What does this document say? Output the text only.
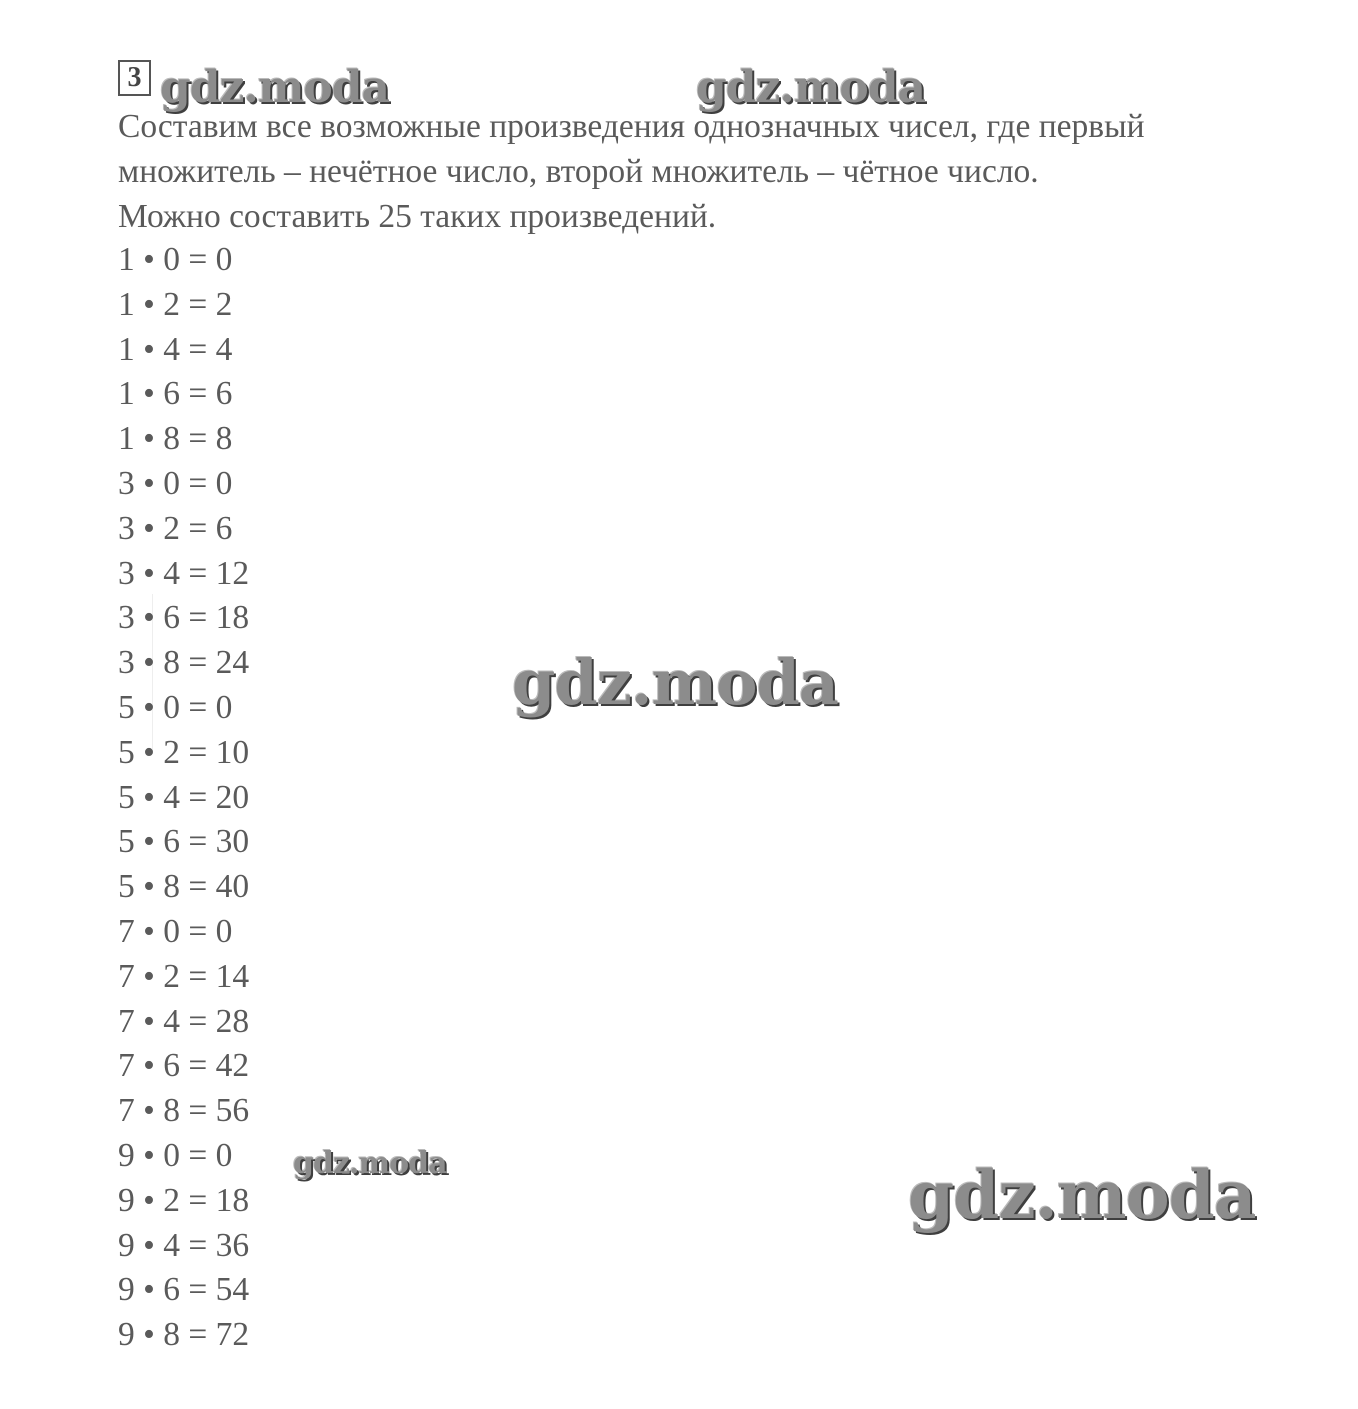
3

Составим все возможные произведения однозначных чисел, где первый

множитель – нечётное число, второй множитель – чётное число.

Можно составить 25 таких произведений.

1 • 0 = 0
1 • 2 = 2
1 • 4 = 4
1 • 6 = 6
1 • 8 = 8
3 • 0 = 0
3 • 2 = 6
3 • 4 = 12
3 • 6 = 18
3 • 8 = 24
5 • 0 = 0
5 • 2 = 10
5 • 4 = 20
5 • 6 = 30
5 • 8 = 40
7 • 0 = 0
7 • 2 = 14
7 • 4 = 28
7 • 6 = 42
7 • 8 = 56
9 • 0 = 0
9 • 2 = 18
9 • 4 = 36
9 • 6 = 54
9 • 8 = 72
gdz.moda	gdz.moda
gdz.moda
gdz.moda	gdz.moda
